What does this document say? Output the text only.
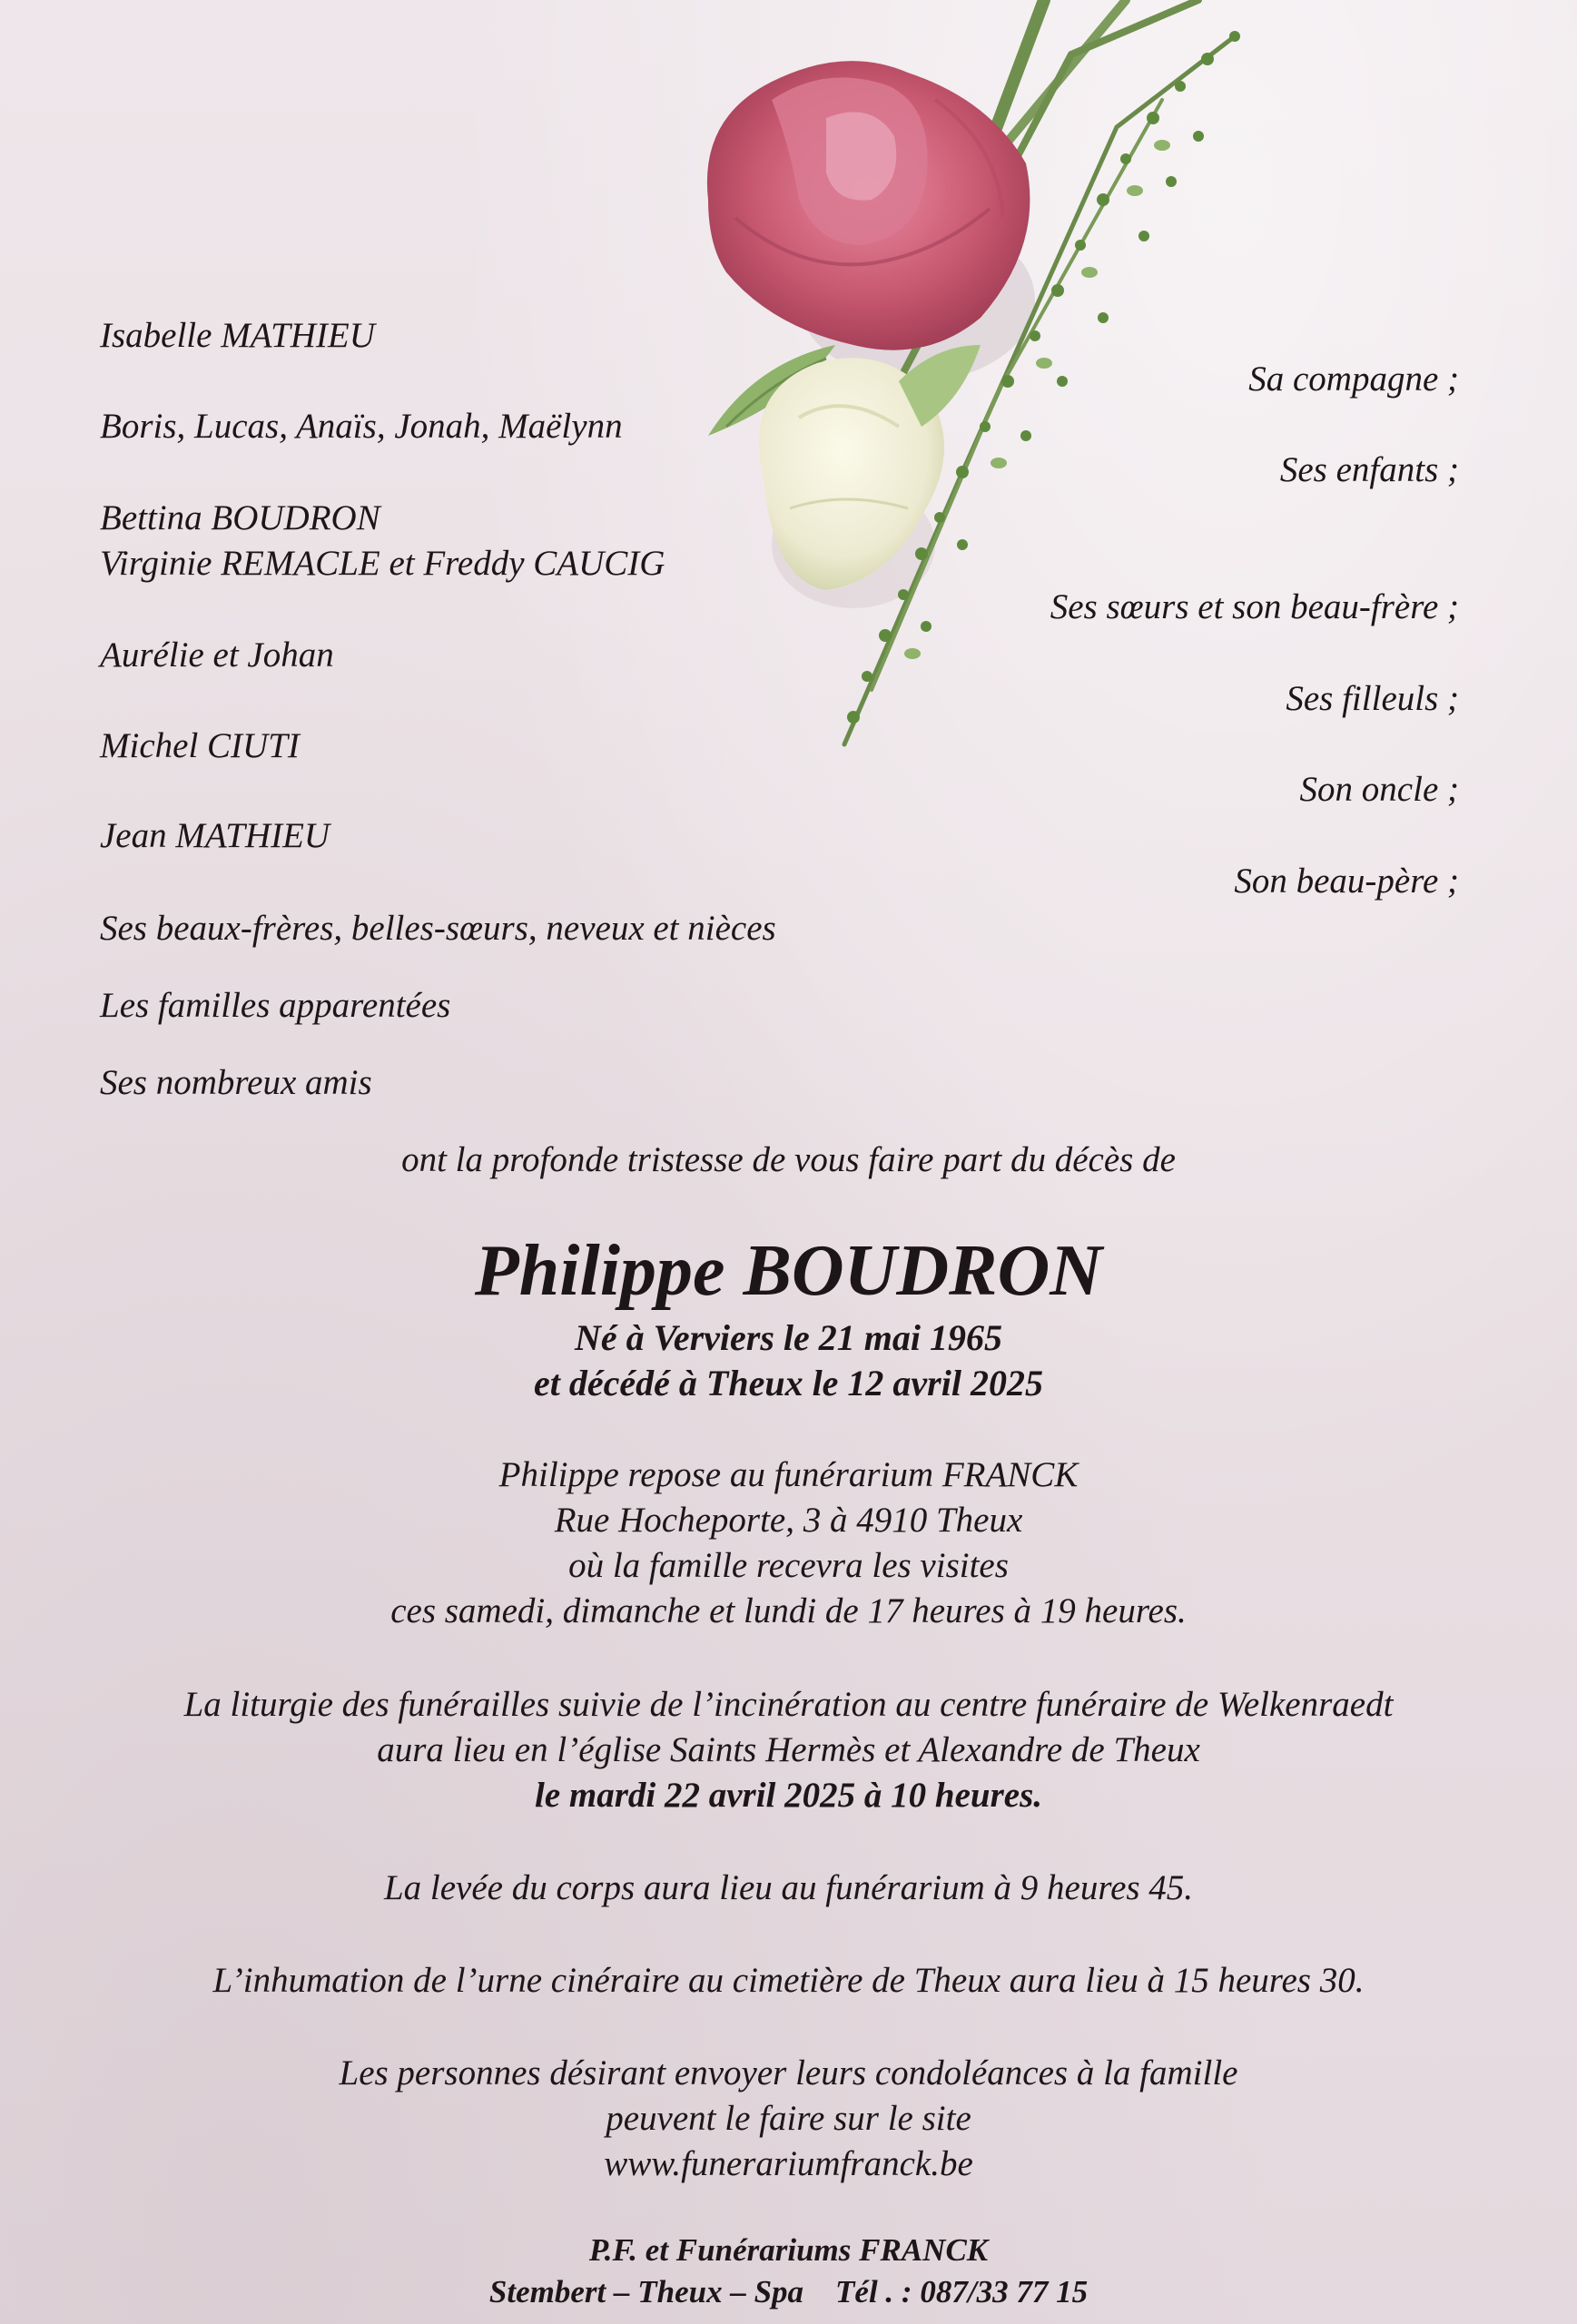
Isabelle MATHIEU
Boris, Lucas, Anaïs, Jonah, Maëlynn
Bettina BOUDRON
Virginie REMACLE et Freddy CAUCIG
Aurélie et Johan
Michel CIUTI
Jean MATHIEU
Ses beaux-frères, belles-sœurs, neveux et nièces
Les familles apparentées
Ses nombreux amis
Sa compagne ;
Ses enfants ;
Ses sœurs et son beau-frère ;
Ses filleuls ;
Son oncle ;
Son beau-père ;
ont la profonde tristesse de vous faire part du décès de
Philippe BOUDRON
Né à Verviers le 21 mai 1965
et décédé à Theux le 12 avril 2025
Philippe repose au funérarium FRANCK
Rue Hocheporte, 3 à 4910 Theux
où la famille recevra les visites
ces samedi, dimanche et lundi de 17 heures à 19 heures.
La liturgie des funérailles suivie de l’incinération au centre funéraire de Welkenraedt
aura lieu en l’église Saints Hermès et Alexandre de Theux
le mardi 22 avril 2025 à 10 heures.
La levée du corps aura lieu au funérarium à 9 heures 45.
L’inhumation de l’urne cinéraire au cimetière de Theux aura lieu à 15 heures 30.
Les personnes désirant envoyer leurs condoléances à la famille
peuvent le faire sur le site
www.funerariumfranck.be
P.F. et Funérariums FRANCK
Stembert – Theux – Spa Tél . : 087/33 77 15
